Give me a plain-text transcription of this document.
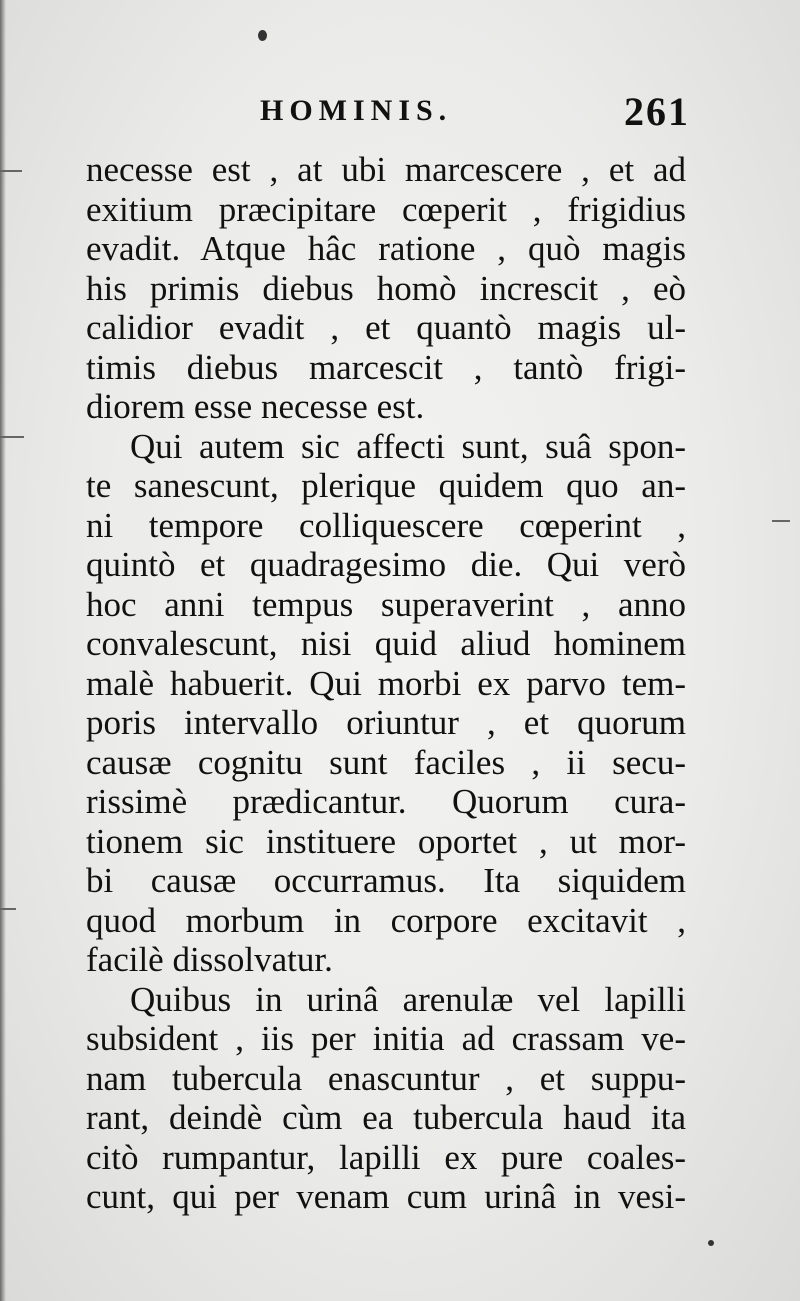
HOMINIS.	261
necesse est , at ubi marcescere , et ad
exitium præcipitare cœperit , frigidius
evadit. Atque hâc ratione , quò magis
his primis diebus homò increscit , eò
calidior evadit , et quantò magis ul-
timis diebus marcescit , tantò frigi-
diorem esse necesse est.
Qui autem sic affecti sunt, suâ spon-
te sanescunt, plerique quidem quo an-
ni tempore colliquescere cœperint ,
quintò et quadragesimo die. Qui verò
hoc anni tempus superaverint , anno
convalescunt, nisi quid aliud hominem
malè habuerit. Qui morbi ex parvo tem-
poris intervallo oriuntur , et quorum
causæ cognitu sunt faciles , ii secu-
rissimè prædicantur. Quorum cura-
tionem sic instituere oportet , ut mor-
bi causæ occurramus. Ita siquidem
quod morbum in corpore excitavit ,
facilè dissolvatur.
Quibus in urinâ arenulæ vel lapilli
subsident , iis per initia ad crassam ve-
nam tubercula enascuntur , et suppu-
rant, deindè cùm ea tubercula haud ita
citò rumpantur, lapilli ex pure coales-
cunt, qui per venam cum urinâ in vesi-
